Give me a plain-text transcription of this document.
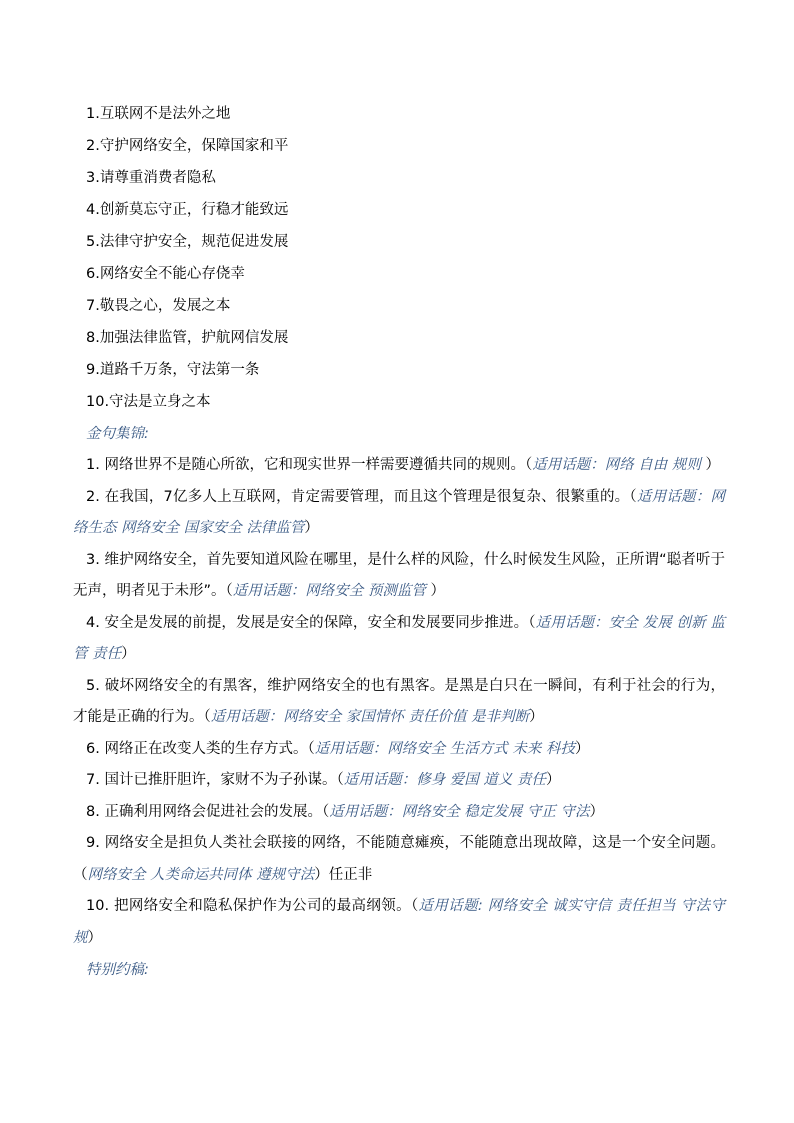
1.互联网不是法外之地
2.守护网络安全，保障国家和平
3.请尊重消费者隐私
4.创新莫忘守正，行稳才能致远
5.法律守护安全，规范促进发展
6.网络安全不能心存侥幸
7.敬畏之心，发展之本
8.加强法律监管，护航网信发展
9.道路千万条，守法第一条
10.守法是立身之本
金句集锦:
1. 网络世界不是随心所欲，它和现实世界一样需要遵循共同的规则。（适用话题：网络 自由 规则 ）
2. 在我国，7亿多人上互联网，肯定需要管理，而且这个管理是很复杂、很繁重的。（适用话题：网络生态 网络安全 国家安全 法律监管）
3. 维护网络安全，首先要知道风险在哪里，是什么样的风险，什么时候发生风险，正所谓“聪者听于无声，明者见于未形”。（适用话题：网络安全 预测监管 ）
4. 安全是发展的前提，发展是安全的保障，安全和发展要同步推进。（适用话题：安全 发展 创新 监管 责任）
5. 破坏网络安全的有黑客，维护网络安全的也有黑客。是黑是白只在一瞬间，有利于社会的行为，才能是正确的行为。（适用话题：网络安全 家国情怀 责任价值 是非判断）
6. 网络正在改变人类的生存方式。（适用话题：网络安全 生活方式 未来 科技）
7. 国计已推肝胆许，家财不为子孙谋。（适用话题：修身 爱国 道义 责任）
8. 正确利用网络会促进社会的发展。（适用话题：网络安全 稳定发展 守正 守法）
9. 网络安全是担负人类社会联接的网络，不能随意瘫痪，不能随意出现故障，这是一个安全问题。（网络安全 人类命运共同体 遵规守法）任正非
10. 把网络安全和隐私保护作为公司的最高纲领。（适用话题: 网络安全 诚实守信 责任担当 守法守规）
特别约稿:
